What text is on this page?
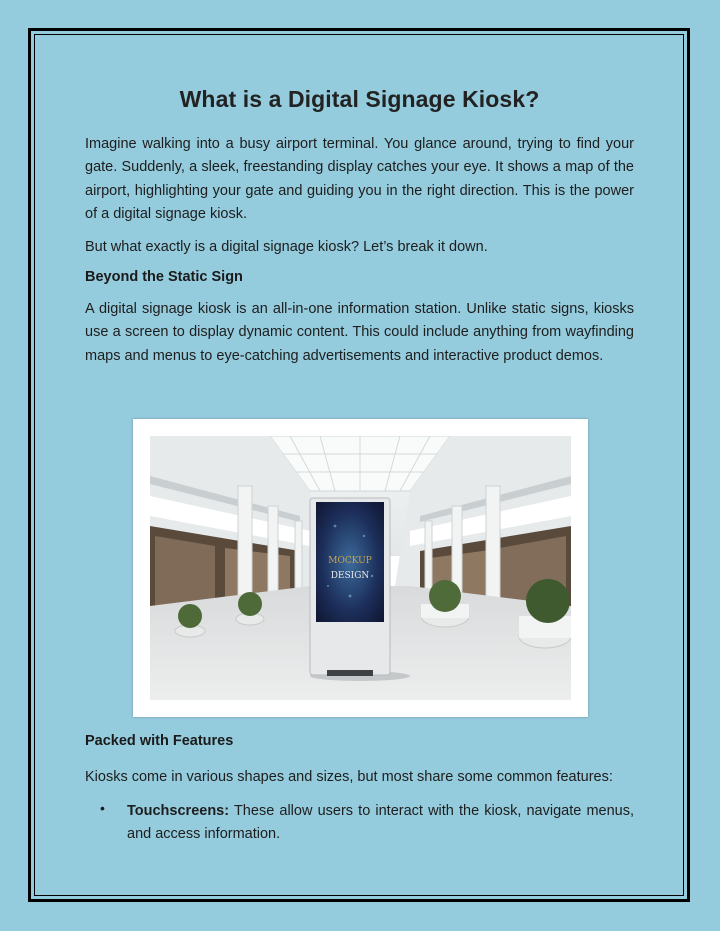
What is a Digital Signage Kiosk?

Imagine walking into a busy airport terminal. You glance around, trying to find your gate. Suddenly, a sleek, freestanding display catches your eye. It shows a map of the airport, highlighting your gate and guiding you in the right direction. This is the power of a digital signage kiosk.

But what exactly is a digital signage kiosk? Let’s break it down.

Beyond the Static Sign

A digital signage kiosk is an all-in-one information station. Unlike static signs, kiosks use a screen to display dynamic content. This could include anything from wayfinding maps and menus to eye-catching advertisements and interactive product demos.

MOCKUP
DESIGN
Packed with Features

Kiosks come in various shapes and sizes, but most share some common features:

• Touchscreens: These allow users to interact with the kiosk, navigate menus, and access information.
